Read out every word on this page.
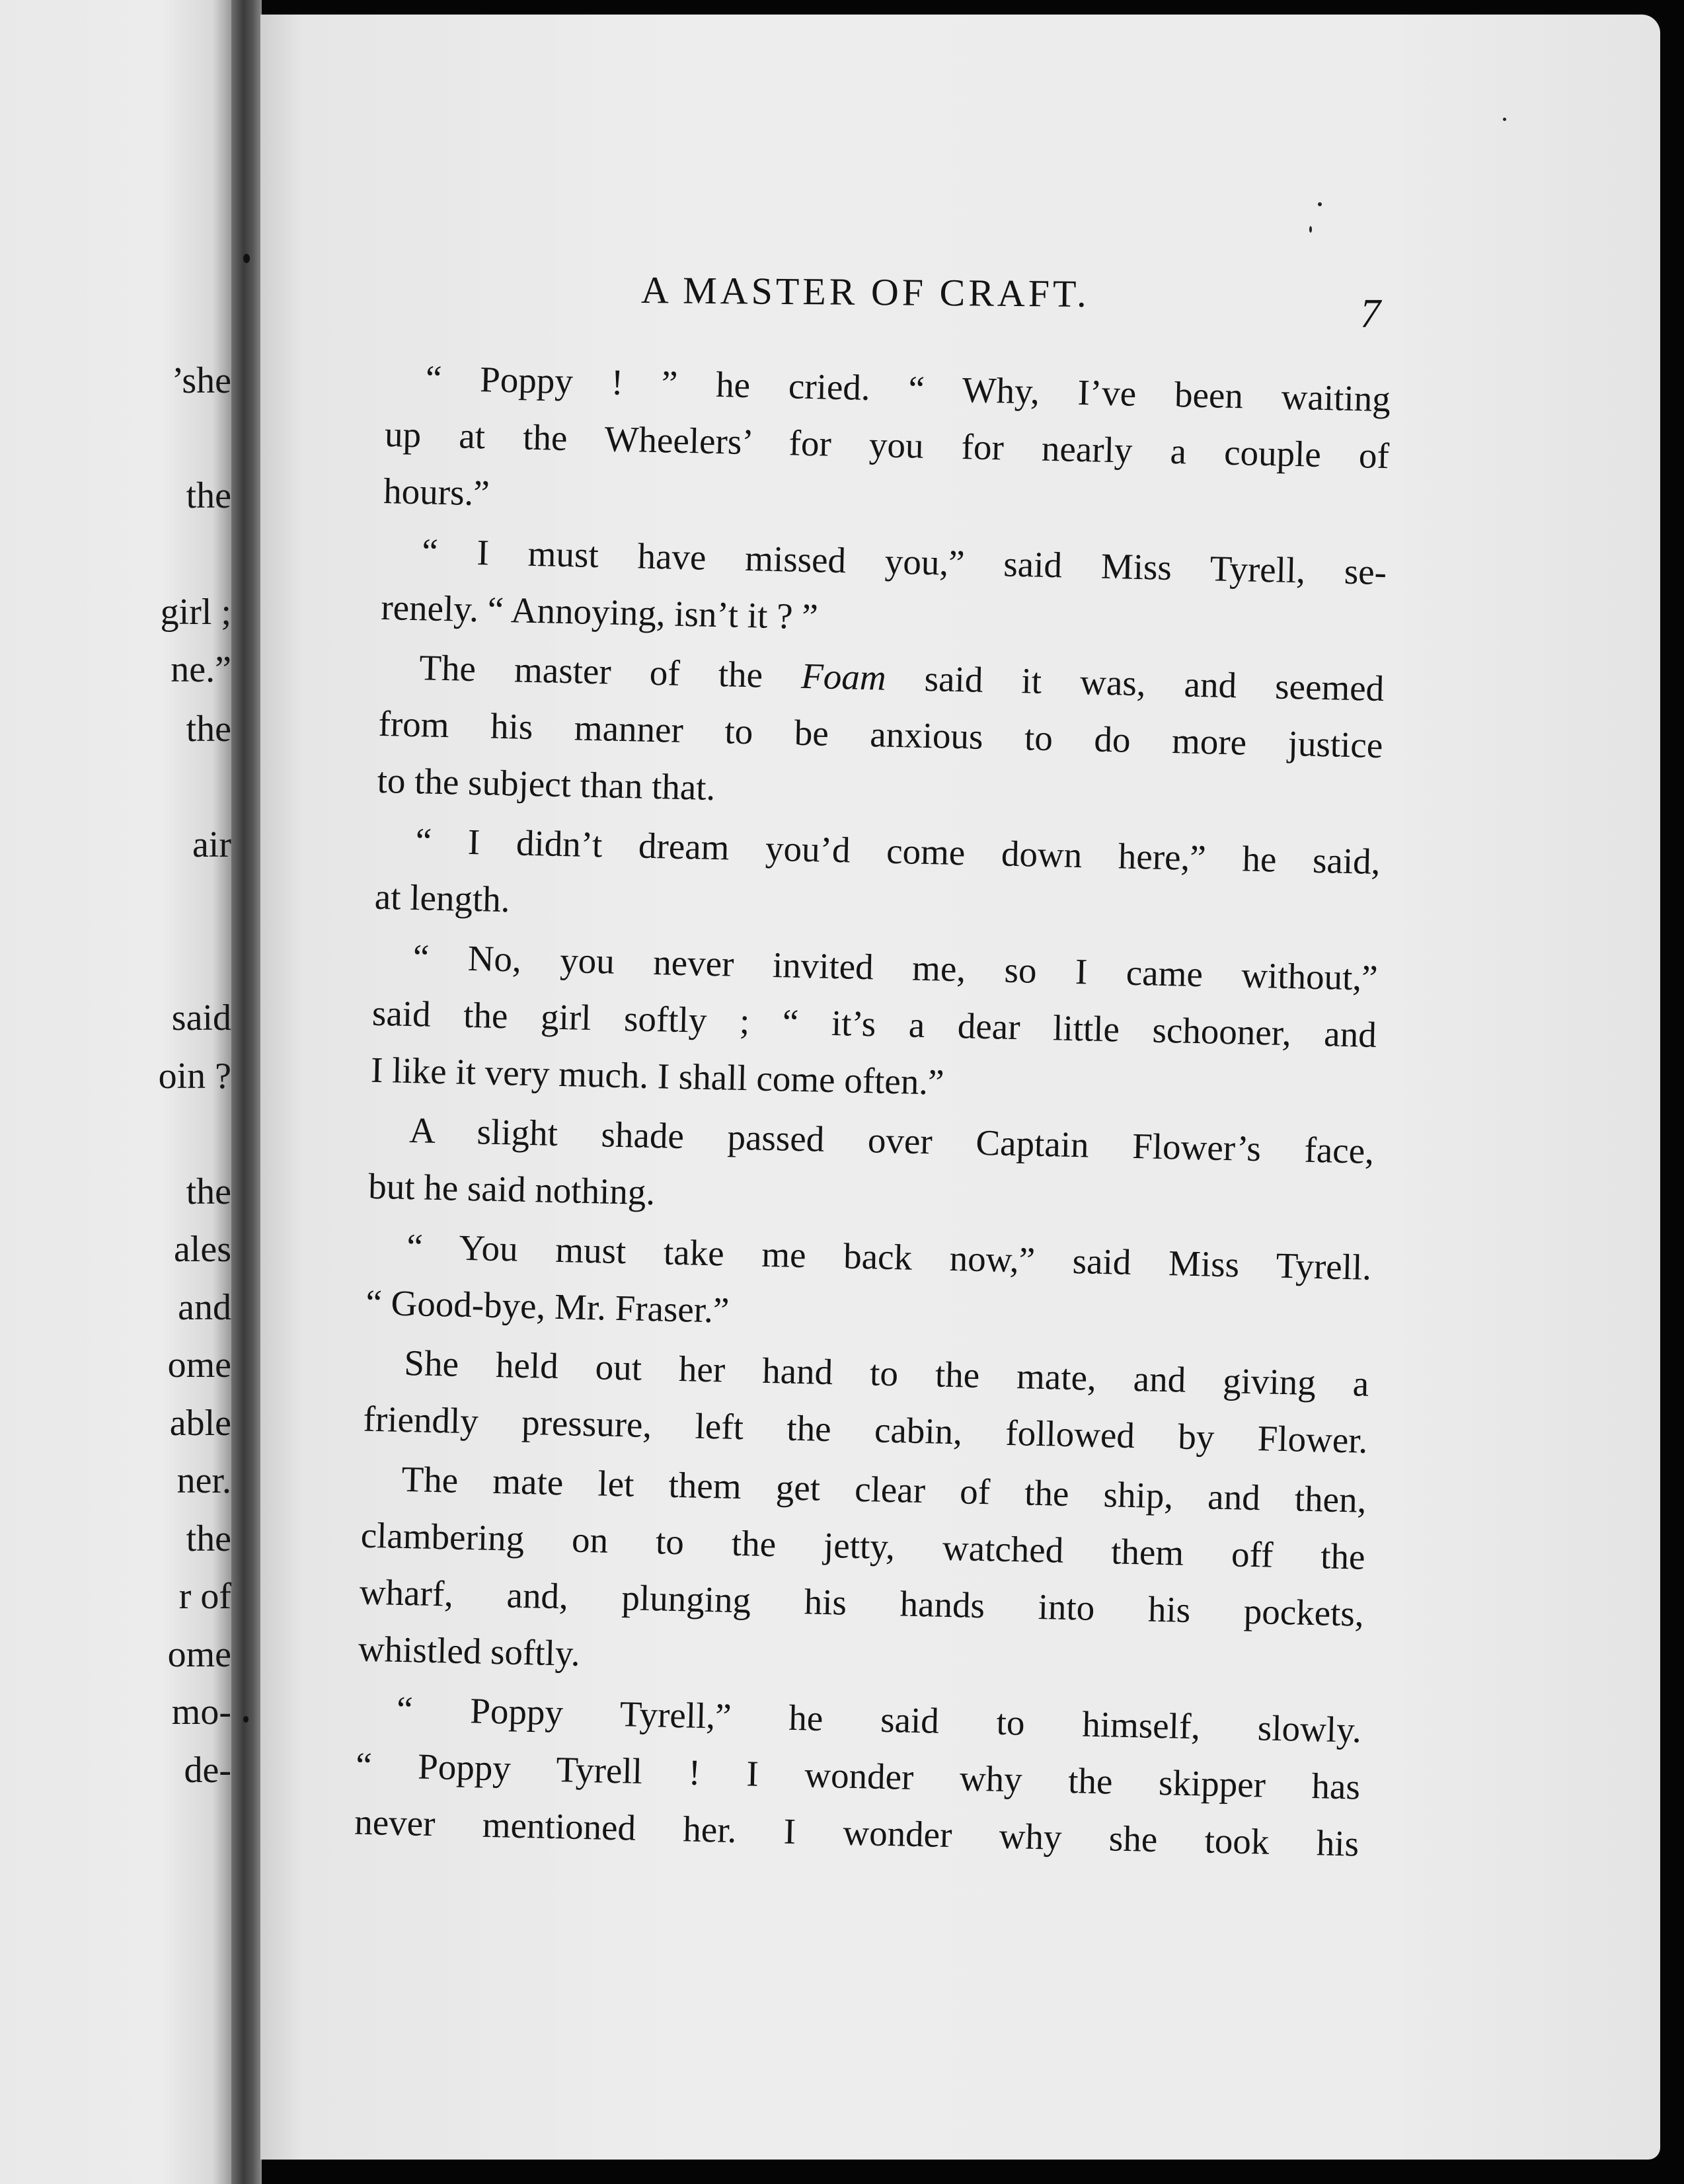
’she
the
girl ;
ne.”
the
air
said
oin ?
the
ales
and
ome
able
ner.
the
r of
ome
mo-
de-
A MASTER OF CRAFT.	7
“ Poppy ! ” he cried. “ Why, I’ve been waiting
up at the Wheelers’ for you for nearly a couple of
hours.”
“ I must have missed you,” said Miss Tyrell, se-
renely. “ Annoying, isn’t it ? ”
The master of the Foam said it was, and seemed
from his manner to be anxious to do more justice
to the subject than that.
“ I didn’t dream you’d come down here,” he said,
at length.
“ No, you never invited me, so I came without,”
said the girl softly ; “ it’s a dear little schooner, and
I like it very much. I shall come often.”
A slight shade passed over Captain Flower’s face,
but he said nothing.
“ You must take me back now,” said Miss Tyrell.
“ Good-bye, Mr. Fraser.”
She held out her hand to the mate, and giving a
friendly pressure, left the cabin, followed by Flower.
The mate let them get clear of the ship, and then,
clambering on to the jetty, watched them off the
wharf, and, plunging his hands into his pockets,
whistled softly.
“ Poppy Tyrell,” he said to himself, slowly.
“ Poppy Tyrell ! I wonder why the skipper has
never mentioned her. I wonder why she took his
